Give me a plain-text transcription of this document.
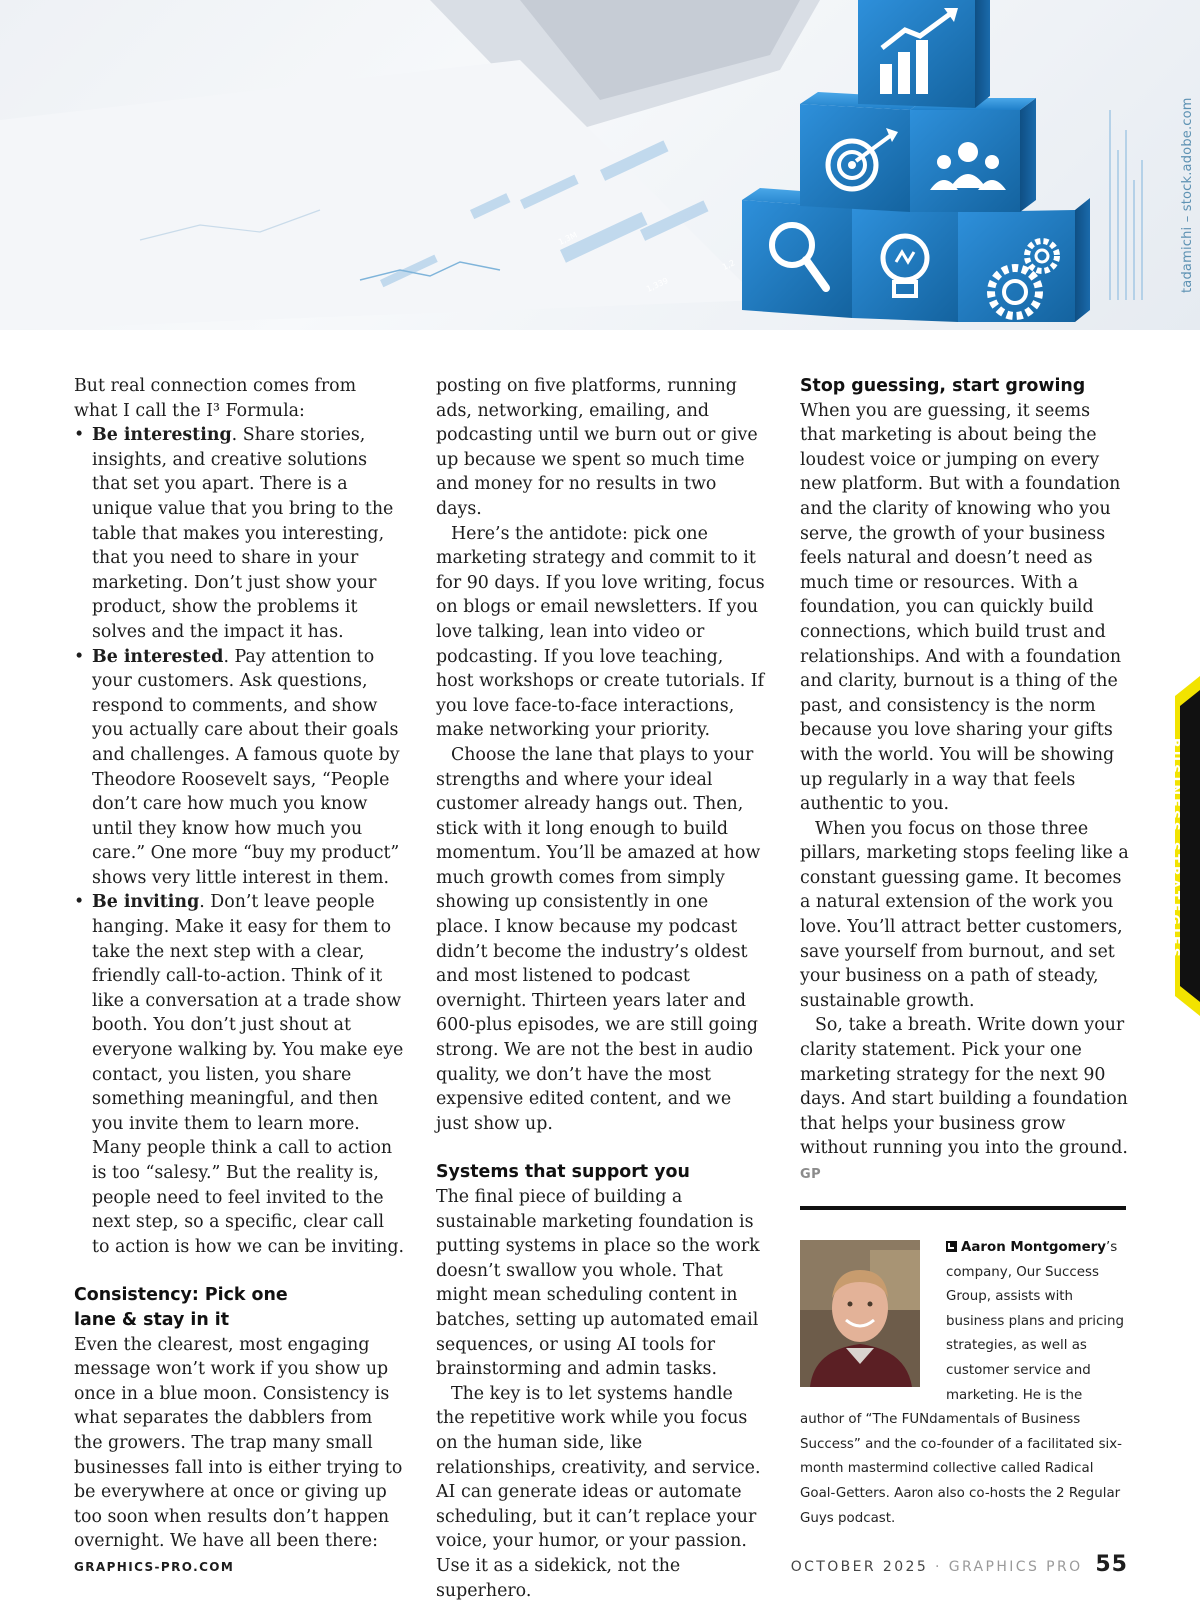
1,3M
1,339
1,2	tadamichi – stock.adobe.com

But real connection comes from what I call the I³ Formula:

• Be interesting. Share stories, insights, and creative solutions that set you apart. There is a unique value that you bring to the table that makes you interesting, that you need to share in your marketing. Don’t just show your product, show the problems it solves and the impact it has.
• Be interested. Pay attention to your customers. Ask questions, respond to comments, and show you actually care about their goals and challenges. A famous quote by Theodore Roosevelt says, “People don’t care how much you know until they know how much you care.” One more “buy my product” shows very little interest in them.
• Be inviting. Don’t leave people hanging. Make it easy for them to take the next step with a clear, friendly call-to-action. Think of it like a conversation at a trade show booth. You don’t just shout at everyone walking by. You make eye contact, you listen, you share something meaningful, and then you invite them to learn more. Many people think a call to action is too “salesy.” But the reality is, people need to feel invited to the next step, so a specific, clear call to action is how we can be inviting.
Consistency: Pick one lane & stay in it

Even the clearest, most engaging message won’t work if you show up once in a blue moon. Consistency is what separates the dabblers from the growers. The trap many small businesses fall into is either trying to be everywhere at once or giving up too soon when results don’t happen overnight. We have all been there:

posting on five platforms, running ads, networking, emailing, and podcasting until we burn out or give up because we spent so much time and money for no results in two days.

Here’s the antidote: pick one marketing strategy and commit to it for 90 days. If you love writing, focus on blogs or email newsletters. If you love talking, lean into video or podcasting. If you love teaching, host workshops or create tutorials. If you love face-to-face interactions, make networking your priority.

Choose the lane that plays to your strengths and where your ideal customer already hangs out. Then, stick with it long enough to build momentum. You’ll be amazed at how much growth comes from simply showing up consistently in one place. I know because my podcast didn’t become the industry’s oldest and most listened to podcast overnight. Thirteen years later and 600-plus episodes, we are still going strong. We are not the best in audio quality, we don’t have the most expensive edited content, and we just show up.

Systems that support you

The final piece of building a sustainable marketing foundation is putting systems in place so the work doesn’t swallow you whole. That might mean scheduling content in batches, setting up automated email sequences, or using AI tools for brainstorming and admin tasks.

The key is to let systems handle the repetitive work while you focus on the human side, like relationships, creativity, and service. AI can generate ideas or automate scheduling, but it can’t replace your voice, your humor, or your passion. Use it as a sidekick, not the superhero.

Stop guessing, start growing

When you are guessing, it seems that marketing is about being the loudest voice or jumping on every new platform. But with a foundation and the clarity of knowing who you serve, the growth of your business feels natural and doesn’t need as much time or resources. With a foundation, you can quickly build connections, which build trust and relationships. And with a foundation and clarity, burnout is a thing of the past, and consistency is the norm because you love sharing your gifts with the world. You will be showing up regularly in a way that feels authentic to you.

When you focus on those three pillars, marketing stops feeling like a constant guessing game. It becomes a natural extension of the work you love. You’ll attract better customers, save yourself from burnout, and set your business on a path of steady, sustainable growth.

So, take a breath. Write down your clarity statement. Pick your one marketing strategy for the next 90 days. And start building a foundation that helps your business grow without running you into the ground. GP

Aaron Montgomery’s company, Our Success Group, assists with business plans and pricing strategies, as well as customer service and marketing. He is the author of “The FUNdamentals of Business Success” and the co-founder of a facilitated six-month mastermind collective called Radical Goal-Getters. Aaron also co-hosts the 2 Regular Guys podcast.
BUSINESS STRATEGIES
GRAPHICS-PRO.COM	OCTOBER 2025 · GRAPHICS PRO 55
